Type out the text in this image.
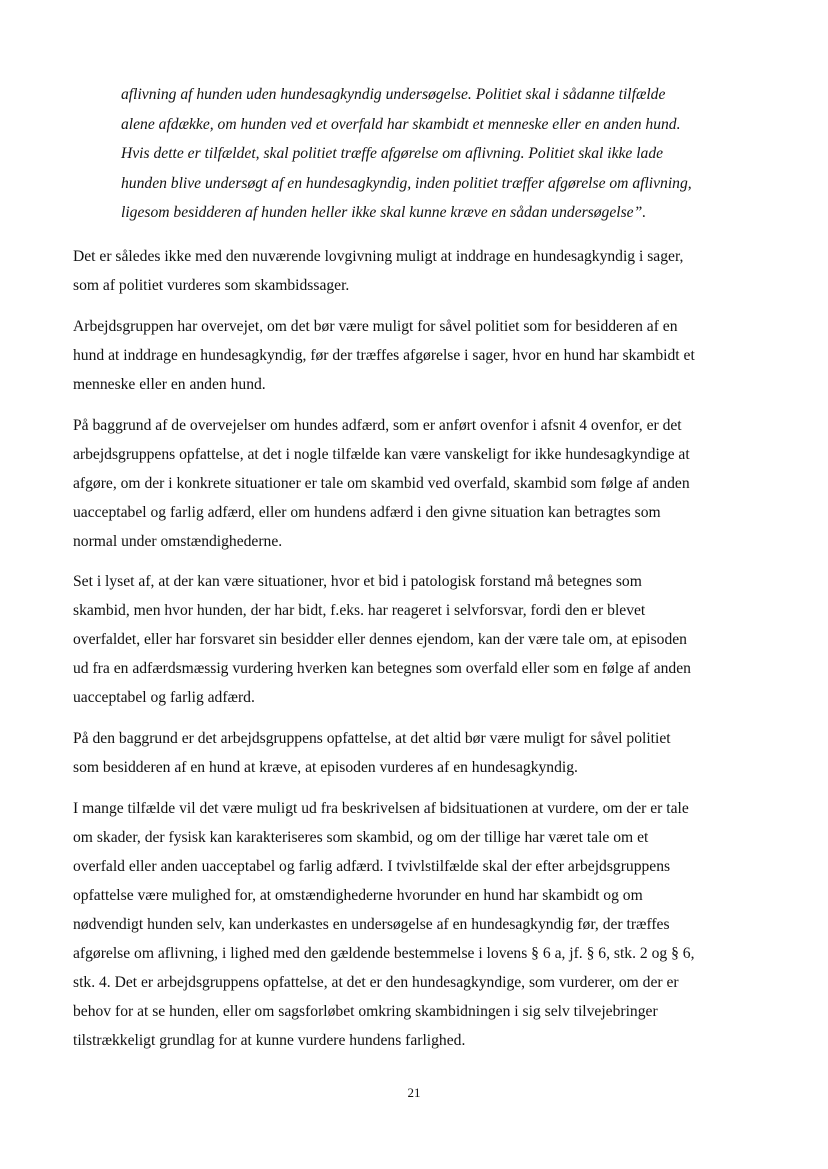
aflivning af hunden uden hundesagkyndig undersøgelse. Politiet skal i sådanne tilfælde
alene afdække, om hunden ved et overfald har skambidt et menneske eller en anden hund.
Hvis dette er tilfældet, skal politiet træffe afgørelse om aflivning. Politiet skal ikke lade
hunden blive undersøgt af en hundesagkyndig, inden politiet træffer afgørelse om aflivning,
ligesom besidderen af hunden heller ikke skal kunne kræve en sådan undersøgelse”.
Det er således ikke med den nuværende lovgivning muligt at inddrage en hundesagkyndig i sager,
som af politiet vurderes som skambidssager.
Arbejdsgruppen har overvejet, om det bør være muligt for såvel politiet som for besidderen af en
hund at inddrage en hundesagkyndig, før der træffes afgørelse i sager, hvor en hund har skambidt et
menneske eller en anden hund.
På baggrund af de overvejelser om hundes adfærd, som er anført ovenfor i afsnit 4 ovenfor, er det
arbejdsgruppens opfattelse, at det i nogle tilfælde kan være vanskeligt for ikke hundesagkyndige at
afgøre, om der i konkrete situationer er tale om skambid ved overfald, skambid som følge af anden
uacceptabel og farlig adfærd, eller om hundens adfærd i den givne situation kan betragtes som
normal under omstændighederne.
Set i lyset af, at der kan være situationer, hvor et bid i patologisk forstand må betegnes som
skambid, men hvor hunden, der har bidt, f.eks. har reageret i selvforsvar, fordi den er blevet
overfaldet, eller har forsvaret sin besidder eller dennes ejendom, kan der være tale om, at episoden
ud fra en adfærdsmæssig vurdering hverken kan betegnes som overfald eller som en følge af anden
uacceptabel og farlig adfærd.
På den baggrund er det arbejdsgruppens opfattelse, at det altid bør være muligt for såvel politiet
som besidderen af en hund at kræve, at episoden vurderes af en hundesagkyndig.
I mange tilfælde vil det være muligt ud fra beskrivelsen af bidsituationen at vurdere, om der er tale
om skader, der fysisk kan karakteriseres som skambid, og om der tillige har været tale om et
overfald eller anden uacceptabel og farlig adfærd. I tvivlstilfælde skal der efter arbejdsgruppens
opfattelse være mulighed for, at omstændighederne hvorunder en hund har skambidt og om
nødvendigt hunden selv, kan underkastes en undersøgelse af en hundesagkyndig før, der træffes
afgørelse om aflivning, i lighed med den gældende bestemmelse i lovens § 6 a, jf. § 6, stk. 2 og § 6,
stk. 4. Det er arbejdsgruppens opfattelse, at det er den hundesagkyndige, som vurderer, om der er
behov for at se hunden, eller om sagsforløbet omkring skambidningen i sig selv tilvejebringer
tilstrækkeligt grundlag for at kunne vurdere hundens farlighed.
21
